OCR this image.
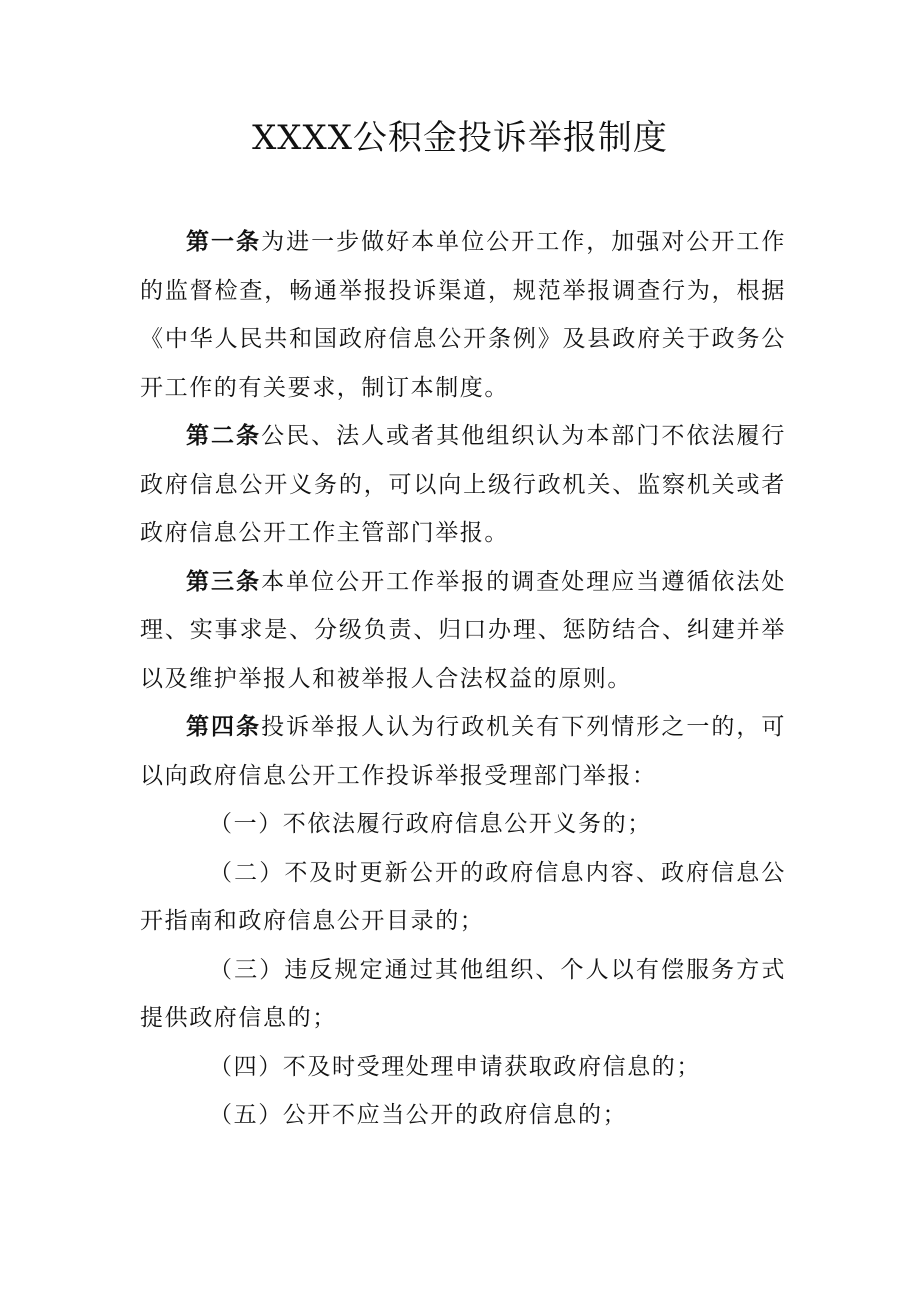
XXXX公积金投诉举报制度

第一条为进一步做好本单位公开工作，加强对公开工作的监督检查，畅通举报投诉渠道，规范举报调查行为，根据《中华人民共和国政府信息公开条例》及县政府关于政务公开工作的有关要求，制订本制度。

第二条公民、法人或者其他组织认为本部门不依法履行政府信息公开义务的，可以向上级行政机关、监察机关或者政府信息公开工作主管部门举报。

第三条本单位公开工作举报的调查处理应当遵循依法处理、实事求是、分级负责、归口办理、惩防结合、纠建并举以及维护举报人和被举报人合法权益的原则。

第四条投诉举报人认为行政机关有下列情形之一的，可以向政府信息公开工作投诉举报受理部门举报：

（一）不依法履行政府信息公开义务的；

（二）不及时更新公开的政府信息内容、政府信息公开指南和政府信息公开目录的；

（三）违反规定通过其他组织、个人以有偿服务方式提供政府信息的；

（四）不及时受理处理申请获取政府信息的；

（五）公开不应当公开的政府信息的；
